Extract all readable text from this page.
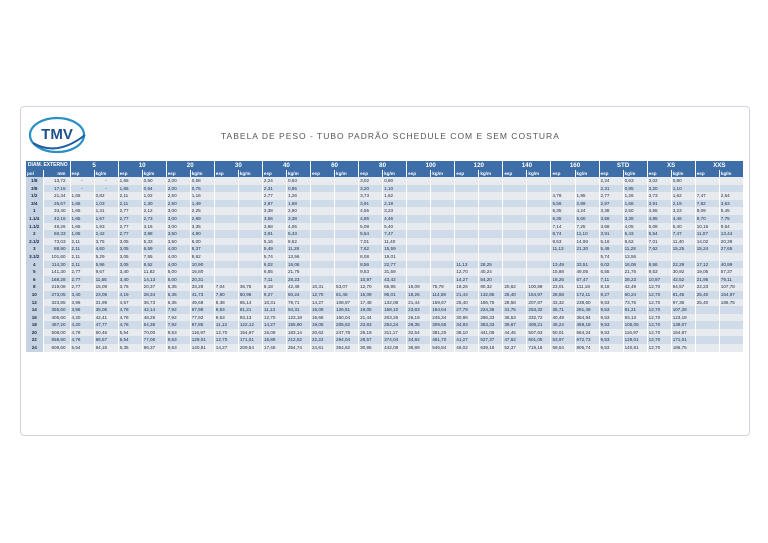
TMV	TABELA DE PESO - TUBO PADRÃO SCHEDULE COM E SEM COSTURA
DIAM. EXTERNO		5		10		20		30		40		60		80		100		120		140		160		STD		XS		XXS	
pol	mm	esp	kg/m	esp	kg/m	esp	kg/m	esp	kg/m	esp	kg/m	esp	kg/m	esp	kg/m	esp	kg/m	esp	kg/m	esp	kg/m	esp	kg/m	esp	kg/m	esp	kg/m	esp	kg/m
1/8	13,72	-	-	1,65	0,50	2,00	0,58			2,24	0,63			3,02	0,80									2,24	0,63	3,02	0,80		
3/8	17,15	-	-	1,65	0,64	2,00	0,75			2,31	0,85			3,20	1,10									2,31	0,85	3,20	1,10		
1/2	21,34	1,65	0,82	2,11	1,02	2,50	1,16			2,77	1,26			3,73	1,62							4,78	1,95	2,77	1,26	3,73	1,62	7,47	2,54
3/4	26,67	1,65	1,03	2,11	1,30	2,50	1,49			2,87	1,68			3,91	2,19							5,56	2,89	2,87	1,68	3,91	2,19	7,82	3,63
1	33,40	1,65	1,31	2,77	2,12	3,00	2,25			3,38	2,50			4,55	3,23							6,35	4,24	3,38	2,50	4,55	3,23	9,09	5,45
1.1/4	42,16	1,65	1,67	2,77	2,73	3,00	2,89			3,56	3,38			4,85	4,46							6,35	5,60	3,56	3,38	4,85	4,46	9,70	7,75
1.1/2	48,26	1,65	1,93	2,77	3,16	3,00	3,35			3,68	4,05			5,08	5,40							7,14	7,25	3,68	4,05	5,08	5,40	10,16	9,54
2	60,33	1,65	2,42	2,77	3,98	3,50	4,90			3,91	5,43			5,54	7,47							8,74	11,10	3,91	5,43	5,54	7,47	11,07	13,44
2.1/2	73,03	2,11	3,75	3,05	5,33	3,50	6,00			5,16	8,62			7,01	11,40							9,53	14,90	5,16	8,62	7,01	11,40	14,02	20,39
3	88,90	2,11	4,60	3,05	6,59	4,00	8,37			5,49	11,28			7,62	15,59							11,13	21,30	5,49	11,28	7,62	15,25	15,24	27,65
3.1/2	101,60	2,11	5,29	3,05	7,55	4,00	8,62			5,74	13,56			8,08	19,01									5,74	13,56				
4	114,30	2,11	5,96	3,05	8,52	4,00	10,90			6,02	16,06			8,56	22,77			11,13	28,25			13,49	33,51	6,02	16,06	8,56	22,29	17,12	40,99
5	141,30	2,77	9,67	3,40	11,82	5,00	16,80			6,55	21,76			9,53	31,59			12,70	40,24			15,88	49,05	6,55	21,76	9,53	30,92	19,05	57,37
6	168,28	2,77	11,55	3,40	14,13	5,00	20,31			7,11	28,23			10,97	43,42			14,27	54,20			18,26	67,47	7,11	28,23	10,97	42,52	21,95	79,11
8	219,08	2,77	15,09	3,76	20,37	6,35	33,28	7,04	36,76	8,18	42,49	10,31	53,07	12,70	65,95	15,09	75,79	18,26	90,32	20,62	100,89	23,01	111,18	8,18	42,49	12,70	64,57	22,23	107,78
10	273,05	3,40	23,08	4,19	28,34	6,35	41,73	7,80	50,96	9,27	60,24	12,70	81,46	15,09	96,01	18,26	114,59	21,44	132,85	25,40	154,97	28,58	172,11	9,27	60,24	12,70	81,46	25,40	154,97
12	323,85	3,96	31,89	4,57	36,73	6,35	49,68	8,38	65,14	10,31	79,71	14,27	108,97	17,48	132,08	21,44	159,67	25,40	186,75	28,58	207,87	33,32	238,60	9,53	73,76	12,70	97,36	25,40	186,75
14	355,60	3,96	35,06	4,78	42,14	7,92	67,98	9,53	81,21	11,13	94,31	15,09	126,51	19,05	158,10	23,83	194,64	27,79	224,36	31,75	253,32	35,71	281,49	9,53	81,21	12,70	107,28		
16	406,60	4,20	42,41	4,78	48,26	7,92	77,92	9,53	93,13	12,70	123,18	16,66	160,04	21,44	203,26	26,19	245,34	30,96	286,33	36,53	332,72	40,49	364,94	9,53	93,13	12,70	123,18		
18	457,20	4,20	47,77	4,78	54,36	7,92	87,85	11,13	122,12	14,27	155,90	19,05	205,62	23,83	254,24	29,36	309,55	34,93	363,33	39,67	408,21	45,24	459,18	9,53	105,05	12,70	139,07		
20	508,00	4,78	60,46	5,54	70,00	9,53	116,97	12,70	154,97	15,09	183,14	20,62	247,78	26,19	311,17	32,54	381,20	38,10	441,06	44,45	507,63	50,01	564,24	9,53	116,97	12,70	154,97		
22	558,80	4,78	66,57	5,54	77,06	9,53	129,01	12,70	171,01	15,88	212,52	22,22	294,04	28,57	374,04	34,92	451,70	41,27	527,37	47,62	601,05	53,97	672,73	9,53	129,01	12,70	171,01		
24	609,60	5,54	84,16	6,35	96,37	9,53	140,81	14,27	209,54	17,48	254,74	24,61	354,62	30,96	442,08	38,89	546,84	46,02	639,18	52,37	719,16	59,54	806,74	9,53	140,81	12,70	186,75		
